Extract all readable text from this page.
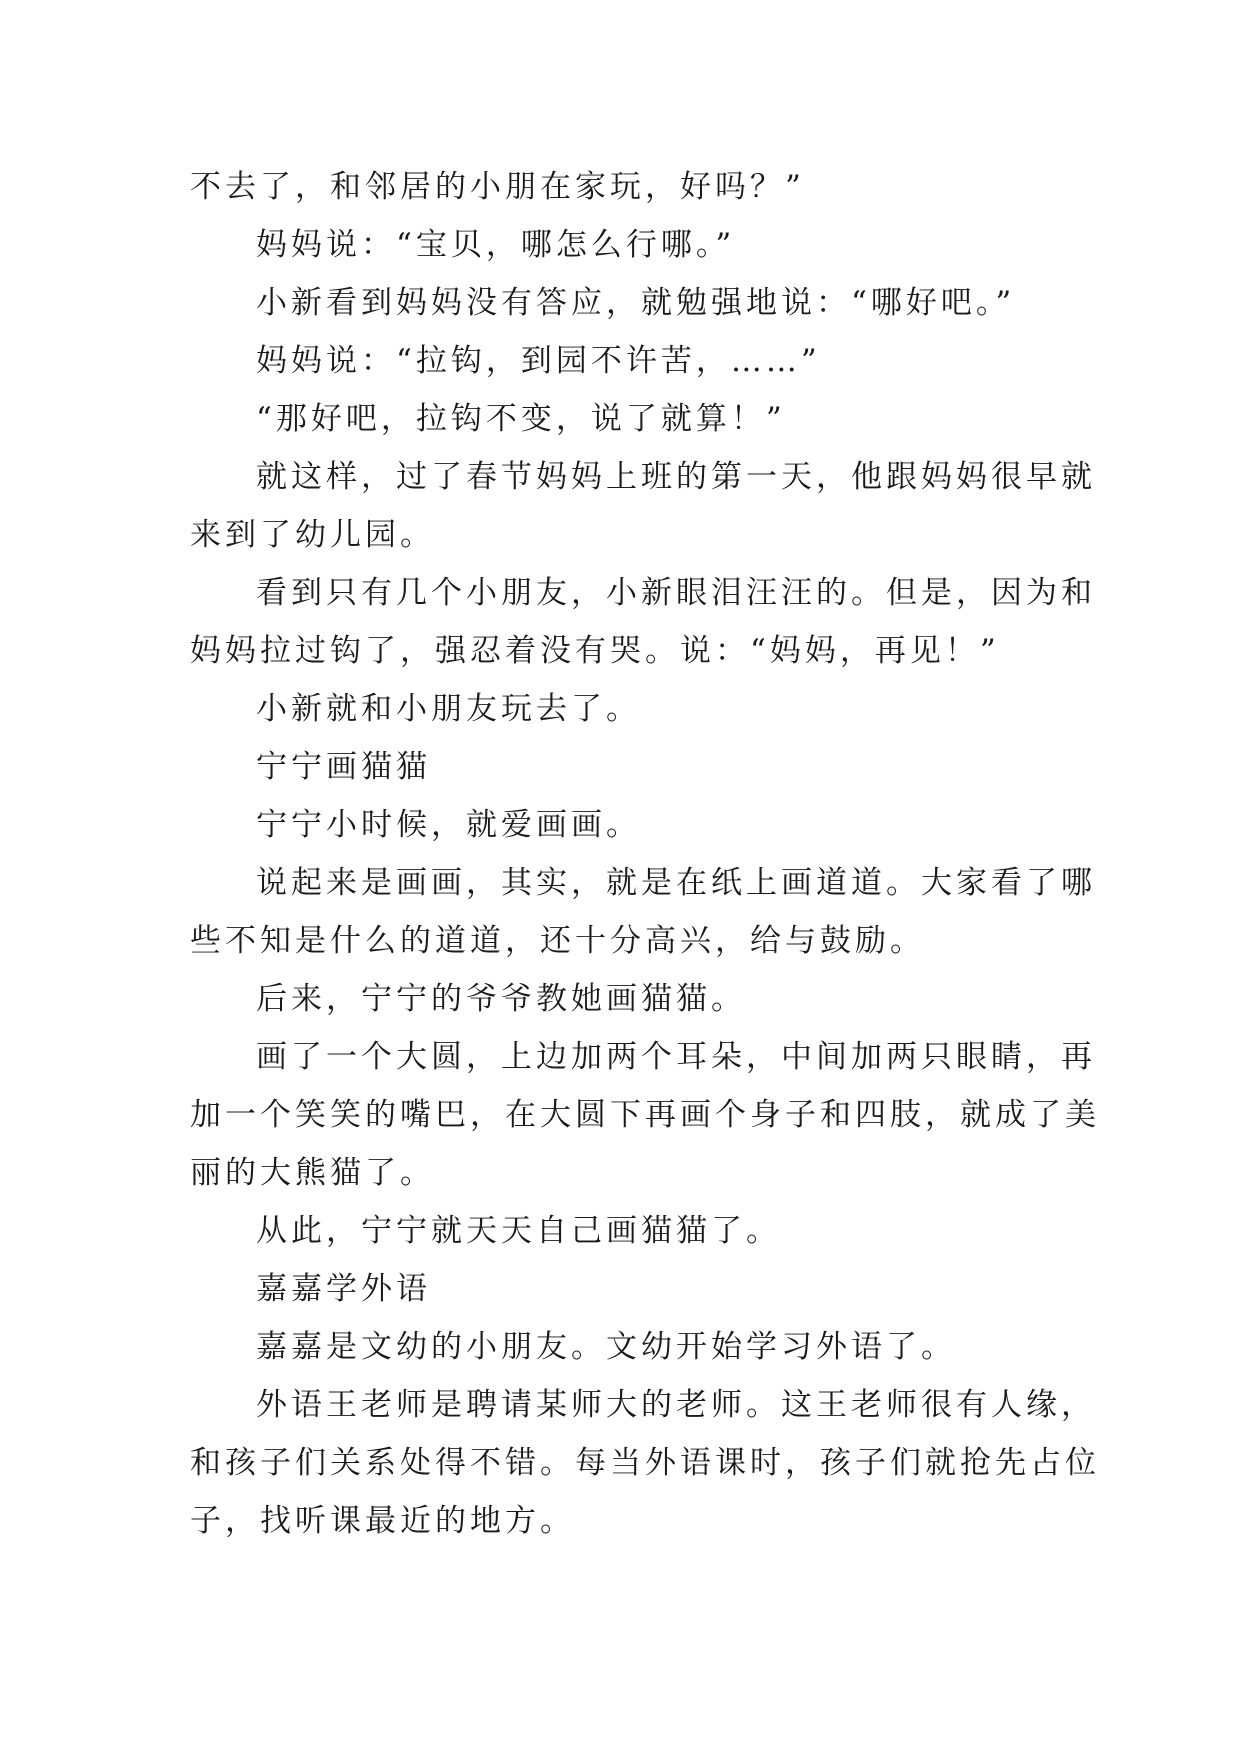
不去了，和邻居的小朋在家玩，好吗？”
妈妈说：“宝贝，哪怎么行哪。”
小新看到妈妈没有答应，就勉强地说：“哪好吧。”
妈妈说：“拉钩，到园不许苦，……”
“那好吧，拉钩不变，说了就算！”
就这样，过了春节妈妈上班的第一天，他跟妈妈很早就
来到了幼儿园。
看到只有几个小朋友，小新眼泪汪汪的。但是，因为和
妈妈拉过钩了，强忍着没有哭。说：“妈妈，再见！”
小新就和小朋友玩去了。
宁宁画猫猫
宁宁小时候，就爱画画。
说起来是画画，其实，就是在纸上画道道。大家看了哪
些不知是什么的道道，还十分高兴，给与鼓励。
后来，宁宁的爷爷教她画猫猫。
画了一个大圆，上边加两个耳朵，中间加两只眼睛，再
加一个笑笑的嘴巴，在大圆下再画个身子和四肢，就成了美
丽的大熊猫了。
从此，宁宁就天天自己画猫猫了。
嘉嘉学外语
嘉嘉是文幼的小朋友。文幼开始学习外语了。
外语王老师是聘请某师大的老师。这王老师很有人缘，
和孩子们关系处得不错。每当外语课时，孩子们就抢先占位
子，找听课最近的地方。
